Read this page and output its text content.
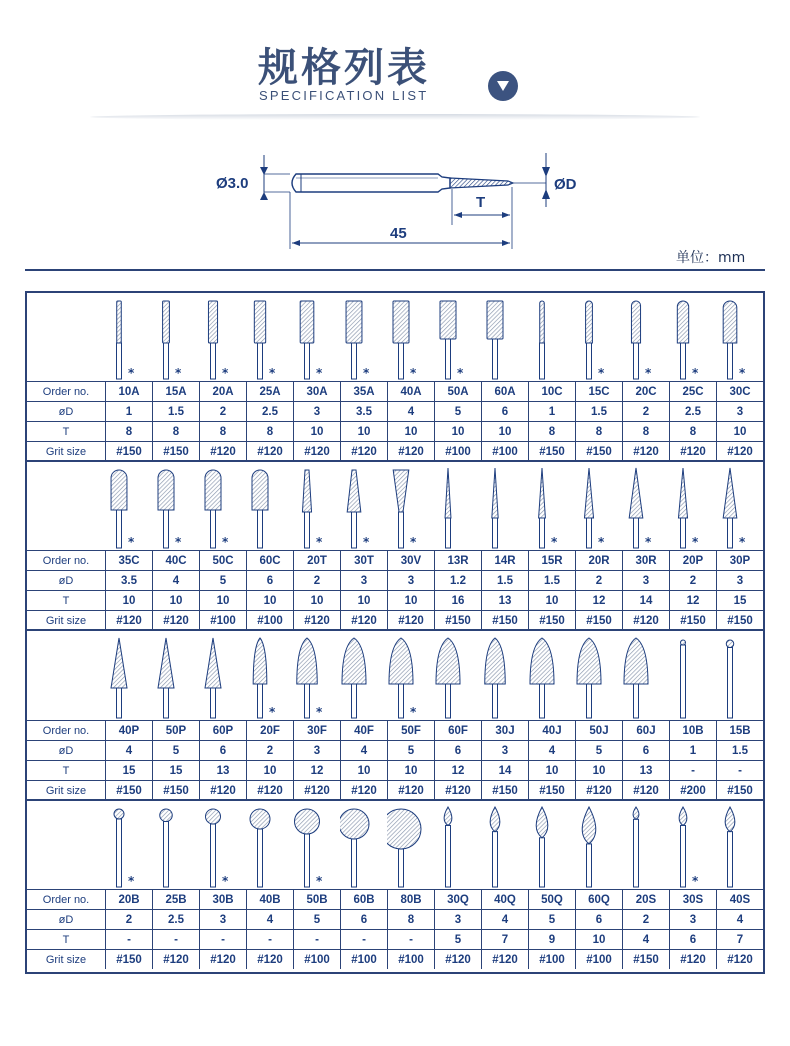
规格列表
SPECIFICATION LIST
Ø3.0	ØD
T
45
单位：mm
*	*	*	*	*	*	*	*	*	*	*	*
Order no.	10A	15A	20A	25A	30A	35A	40A	50A	60A	10C	15C	20C	25C	30C
øD	1	1.5	2	2.5	3	3.5	4	5	6	1	1.5	2	2.5	3
T	8	8	8	8	10	10	10	10	10	8	8	8	8	10
Grit size	#150	#150	#120	#120	#120	#120	#120	#100	#100	#150	#150	#120	#120	#120
*	*	*	*	*	*	*	*	*	*	*
Order no.	35C	40C	50C	60C	20T	30T	30V	13R	14R	15R	20R	30R	20P	30P
øD	3.5	4	5	6	2	3	3	1.2	1.5	1.5	2	3	2	3
T	10	10	10	10	10	10	10	16	13	10	12	14	12	15
Grit size	#120	#120	#100	#100	#120	#120	#120	#150	#150	#150	#150	#120	#150	#150
*	*	*
Order no.	40P	50P	60P	20F	30F	40F	50F	60F	30J	40J	50J	60J	10B	15B
øD	4	5	6	2	3	4	5	6	3	4	5	6	1	1.5
T	15	15	13	10	12	10	10	12	14	10	10	13	-	-
Grit size	#150	#150	#120	#120	#120	#120	#120	#120	#150	#150	#120	#120	#200	#150
*	*	*	*
Order no.	20B	25B	30B	40B	50B	60B	80B	30Q	40Q	50Q	60Q	20S	30S	40S
øD	2	2.5	3	4	5	6	8	3	4	5	6	2	3	4
T	-	-	-	-	-	-	-	5	7	9	10	4	6	7
Grit size	#150	#120	#120	#120	#100	#100	#100	#120	#120	#100	#100	#150	#120	#120
